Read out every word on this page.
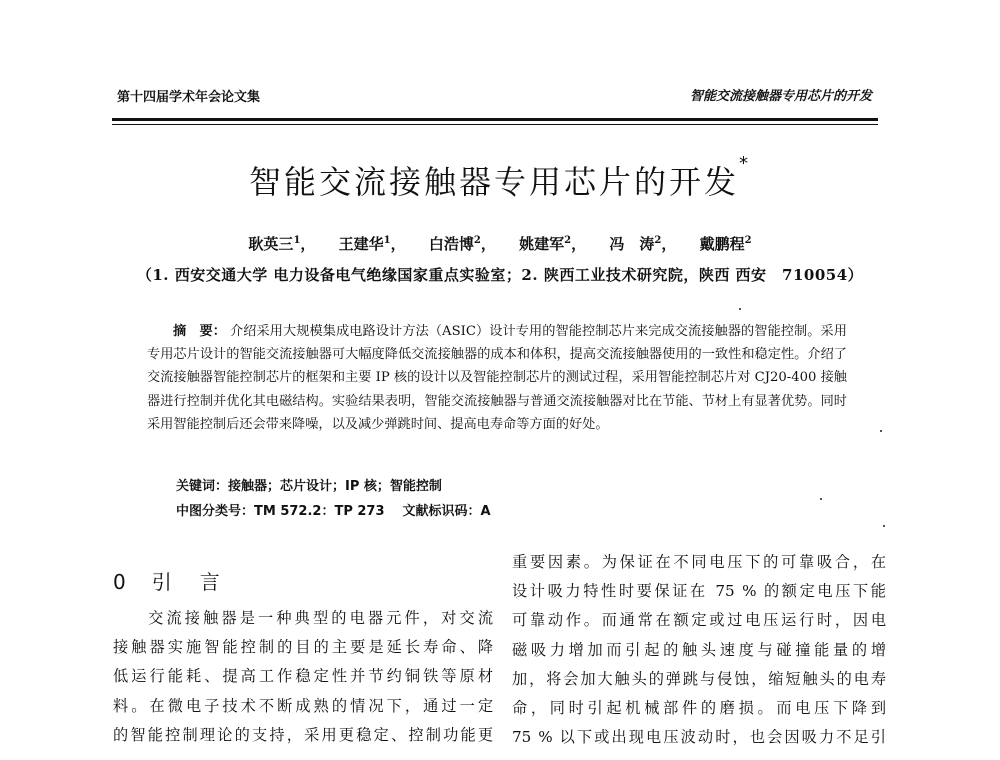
第十四届学术年会论文集	智能交流接触器专用芯片的开发
智能交流接触器专用芯片的开发*
耿英三$^1$， 王建华$^1$， 白浩博$^2$， 姚建军$^2$， 冯　涛$^2$， 戴鹏程$^2$
（1. 西安交通大学 电力设备电气绝缘国家重点实验室；2. 陕西工业技术研究院，陕西 西安　710054）
摘　要： 介绍采用大规模集成电路设计方法（ASIC）设计专用的智能控制芯片来完成交流接触器的智能控制。采用专用芯片设计的智能交流接触器可大幅度降低交流接触器的成本和体积，提高交流接触器使用的一致性和稳定性。介绍了交流接触器智能控制芯片的框架和主要 IP 核的设计以及智能控制芯片的测试过程，采用智能控制芯片对 CJ20-400 接触器进行控制并优化其电磁结构。实验结果表明，智能交流接触器与普通交流接触器对比在节能、节材上有显著优势。同时采用智能控制后还会带来降噪，以及减少弹跳时间、提高电寿命等方面的好处。
关键词：接触器；芯片设计；IP 核；智能控制
中图分类号：TM 572.2：TP 273 文献标识码：A
0 引　言
交流接触器是一种典型的电器元件，对交流
接触器实施智能控制的目的主要是延长寿命、降
低运行能耗、提高工作稳定性并节约铜铁等原材
料。在微电子技术不断成熟的情况下，通过一定
的智能控制理论的支持，采用更稳定、控制功能更
重要因素。为保证在不同电压下的可靠吸合，在
设计吸力特性时要保证在 75 % 的额定电压下能
可靠动作。而通常在额定或过电压运行时，因电
磁吸力增加而引起的触头速度与碰撞能量的增
加，将会加大触头的弹跳与侵蚀，缩短触头的电寿
命，同时引起机械部件的磨损。而电压下降到
75 % 以下或出现电压波动时，也会因吸力不足引
